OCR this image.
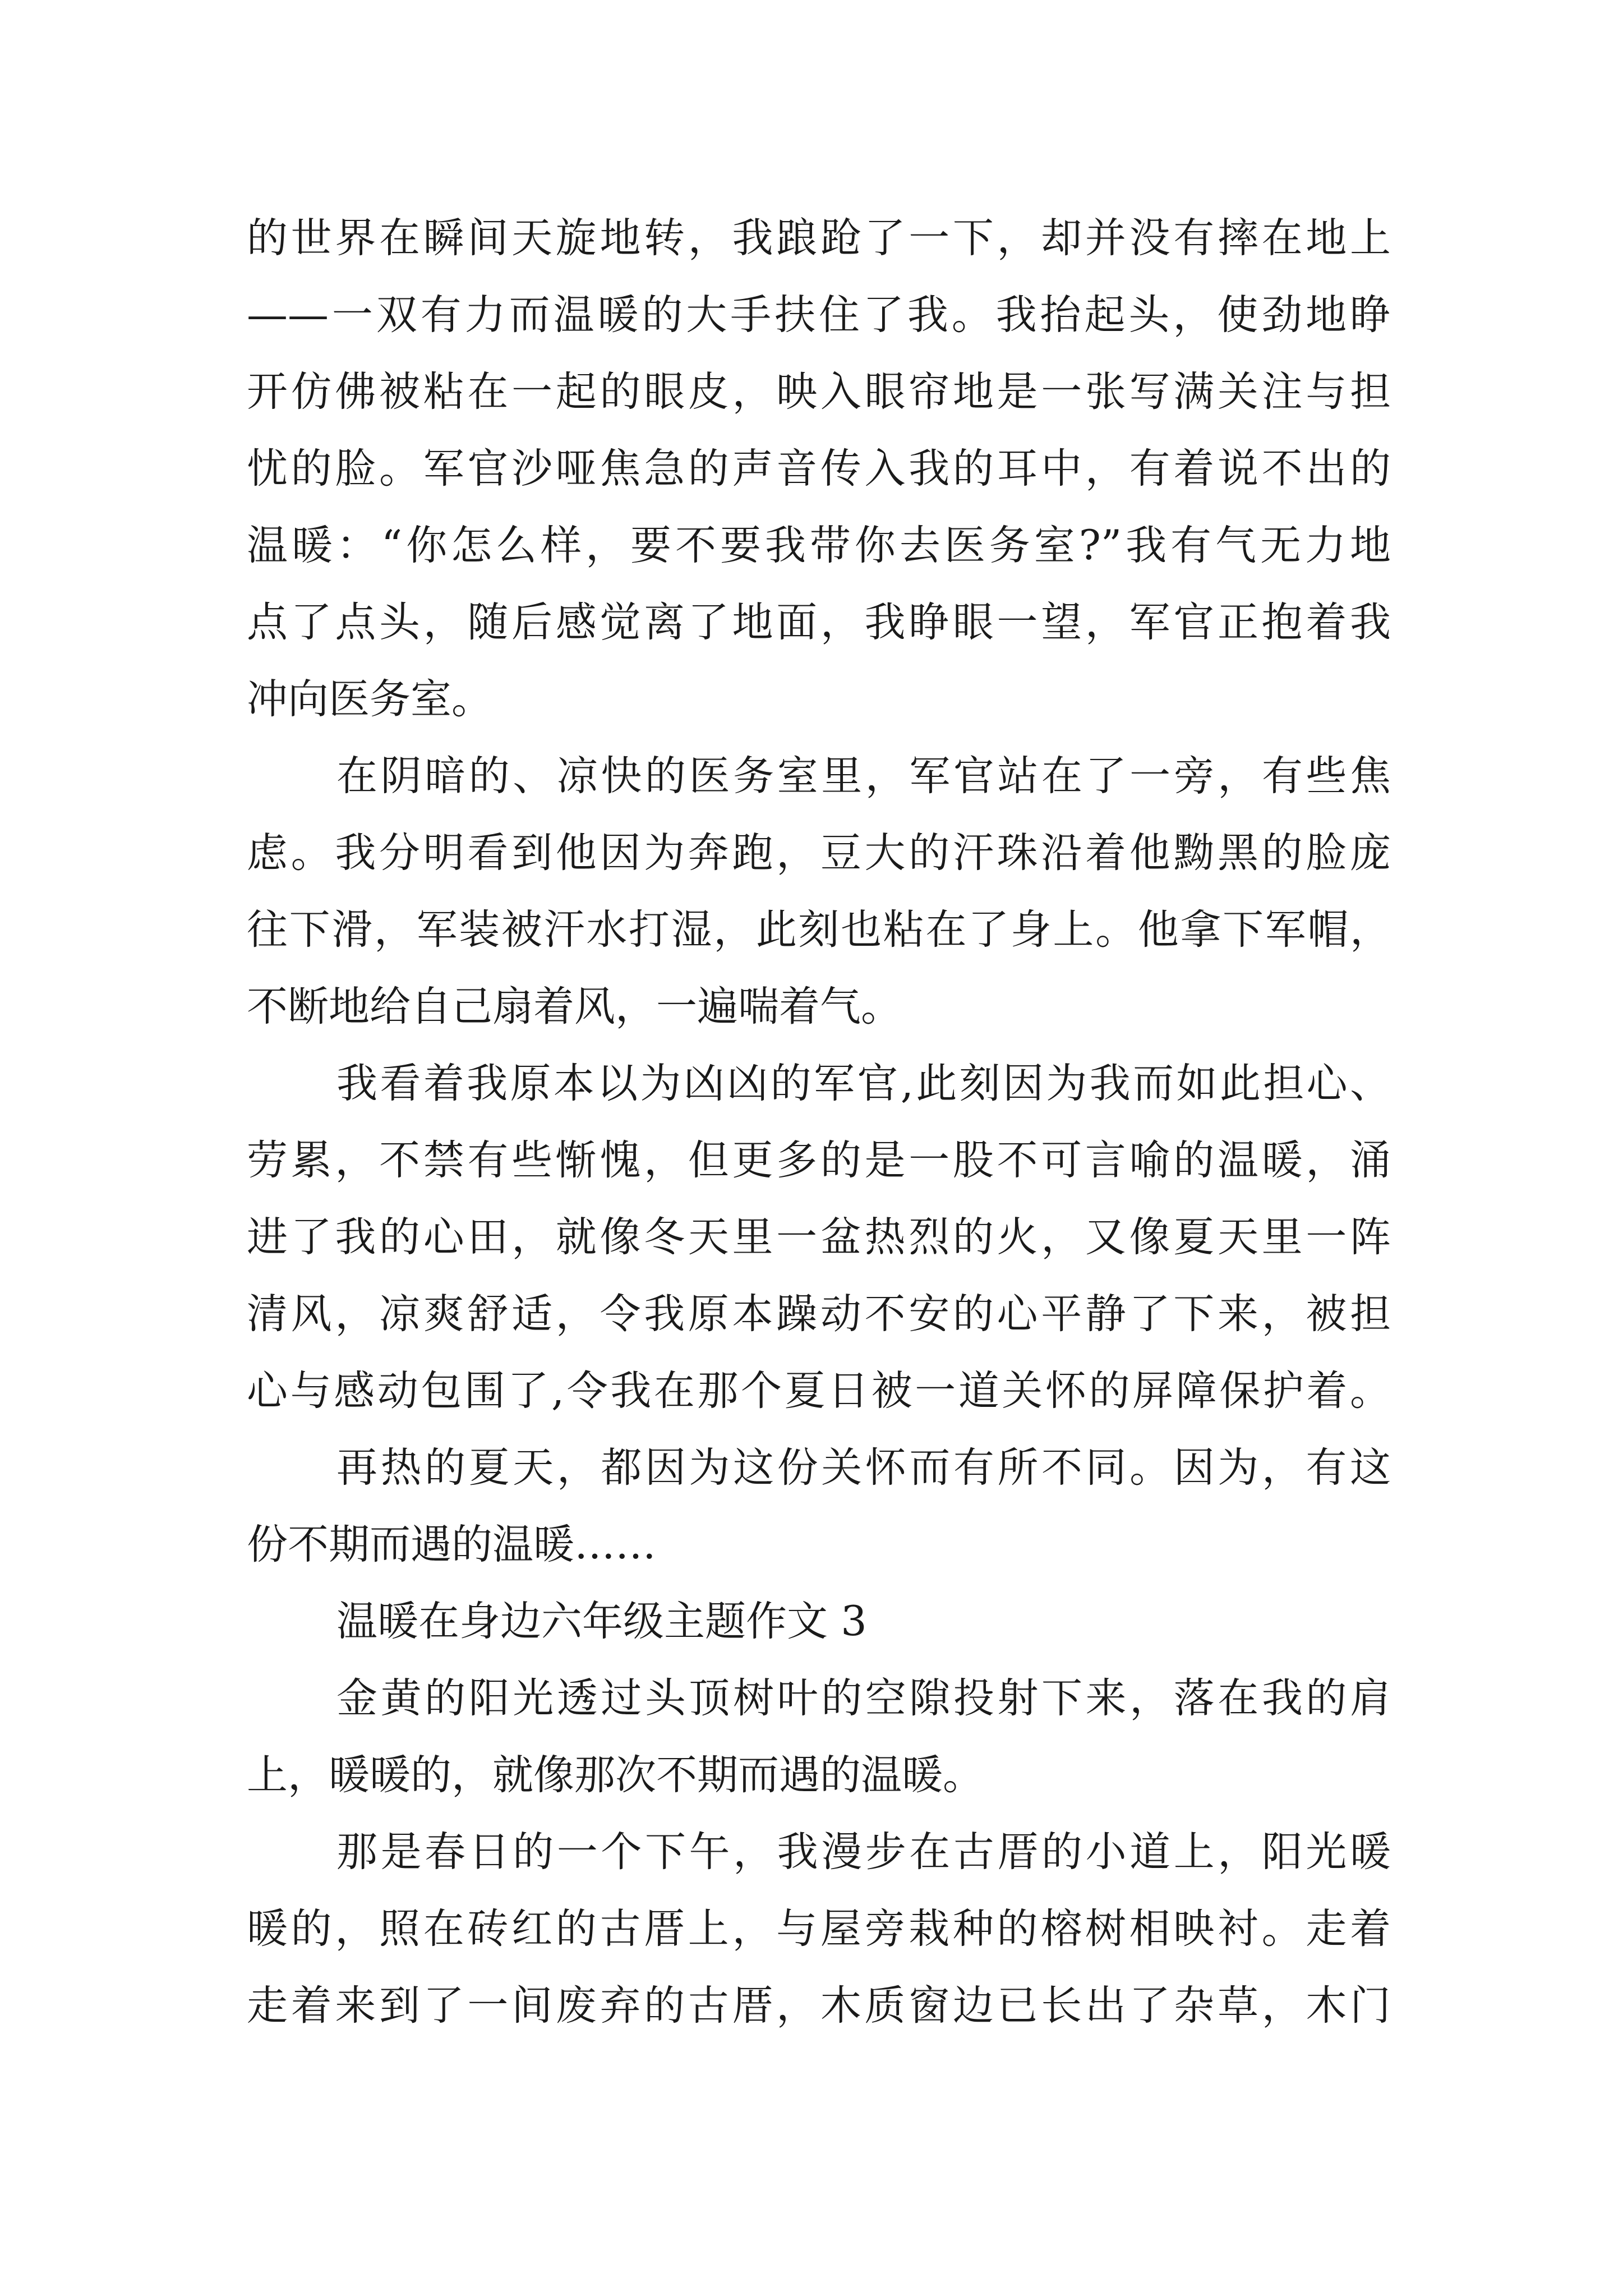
的世界在瞬间天旋地转，我踉跄了一下，却并没有摔在地上
——一双有力而温暖的大手扶住了我。我抬起头，使劲地睁
开仿佛被粘在一起的眼皮，映入眼帘地是一张写满关注与担
忧的脸。军官沙哑焦急的声音传入我的耳中，有着说不出的
温暖：“你怎么样，要不要我带你去医务室?”我有气无力地
点了点头，随后感觉离了地面，我睁眼一望，军官正抱着我
冲向医务室。
在阴暗的、凉快的医务室里，军官站在了一旁，有些焦
虑。我分明看到他因为奔跑，豆大的汗珠沿着他黝黑的脸庞
往下滑，军装被汗水打湿，此刻也粘在了身上。他拿下军帽，
不断地给自己扇着风，一遍喘着气。
我看着我原本以为凶凶的军官,此刻因为我而如此担心、
劳累，不禁有些惭愧，但更多的是一股不可言喻的温暖，涌
进了我的心田，就像冬天里一盆热烈的火，又像夏天里一阵
清风，凉爽舒适，令我原本躁动不安的心平静了下来，被担
心与感动包围了,令我在那个夏日被一道关怀的屏障保护着。
再热的夏天，都因为这份关怀而有所不同。因为，有这
份不期而遇的温暖……
温暖在身边六年级主题作文 3
金黄的阳光透过头顶树叶的空隙投射下来，落在我的肩
上，暖暖的，就像那次不期而遇的温暖。
那是春日的一个下午，我漫步在古厝的小道上，阳光暖
暖的，照在砖红的古厝上，与屋旁栽种的榕树相映衬。走着
走着来到了一间废弃的古厝，木质窗边已长出了杂草，木门
